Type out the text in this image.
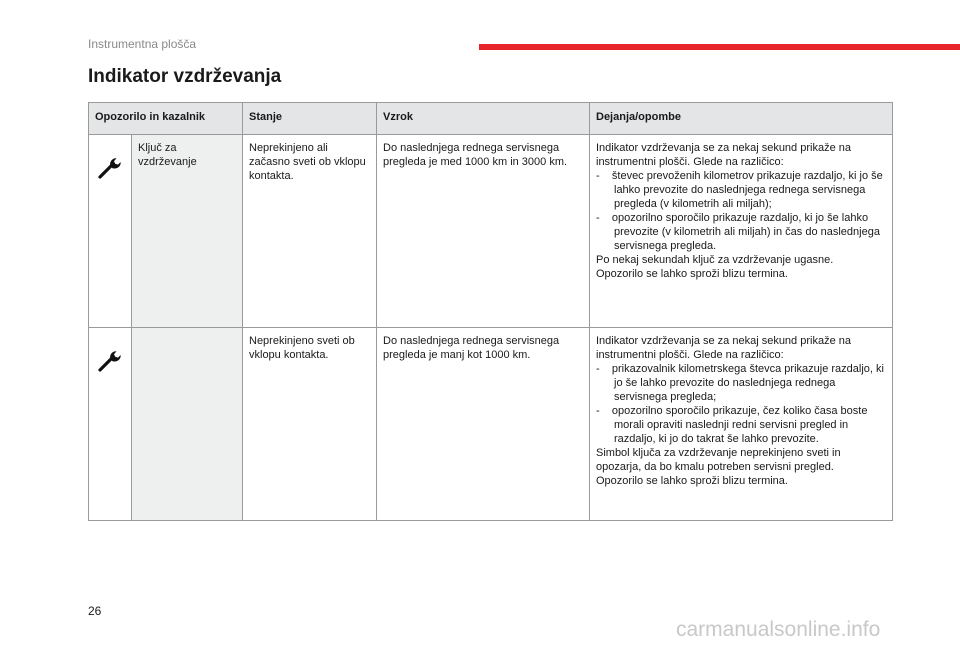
Instrumentna plošča
Indikator vzdrževanja
Opozorilo in kazalnik		Stanje	Vzrok	Dejanja/opombe

	Ključ za vzdrževanje	Neprekinjeno ali začasno sveti ob vklopu kontakta.	Do naslednjega rednega servisnega pregleda je med 1000 km in 3000 km.	Indikator vzdrževanja se za nekaj sekund prikaže na instrumentni plošči. Glede na različico:
-    števec prevoženih kilometrov prikazuje razdaljo, ki jo še lahko prevozite do naslednjega rednega servisnega pregleda (v kilometrih ali miljah);
-    opozorilno sporočilo prikazuje razdaljo, ki jo še lahko prevozite (v kilometrih ali miljah) in čas do naslednjega servisnega pregleda.
Po nekaj sekundah ključ za vzdrževanje ugasne.
Opozorilo se lahko sproži blizu termina.

		Neprekinjeno sveti ob vklopu kontakta.	Do naslednjega rednega servisnega pregleda je manj kot 1000 km.	Indikator vzdrževanja se za nekaj sekund prikaže na instrumentni plošči. Glede na različico:
-    prikazovalnik kilometrskega števca prikazuje razdaljo, ki jo še lahko prevozite do naslednjega rednega servisnega pregleda;
-    opozorilno sporočilo prikazuje, čez koliko časa boste morali opraviti naslednji redni servisni pregled in razdaljo, ki jo do takrat še lahko prevozite.
Simbol ključa za vzdrževanje neprekinjeno sveti in opozarja, da bo kmalu potreben servisni pregled.
Opozorilo se lahko sproži blizu termina.
26
carmanualsonline.info
